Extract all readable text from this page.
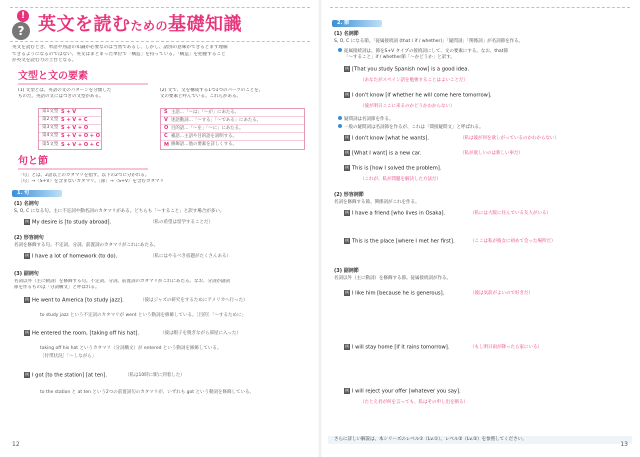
!
? 英文を読むための基礎知識
英文を読むとき、単語や熟語の知識が必要なのは当然であるし、しかし、諸別の意味ができるとまず理解
できるようになるのではない、英文はまとまった単位で「構造」を持っている。「構造」を把握すること
が英文を読む力の土台となる。
文型と文の要素
(1) 文型とは、英語の文のパターンを分類した
ものだ。英語の文にはつぎの文型がある。
(2) 文で、文を構成する1つ1つのパーツのことを、
文の要素と呼んでいる。これらがある。
第1文型 S + V
第2文型 S + V + C
第3文型 S + V + O
第4文型 S + V + O + O
第5文型 S + V + O + C
S 主語…「〜は」「〜が」にあたる。
V 述語動詞…「〜する」「〜である」にあたる。
O 目的語…「〜を」「〜に」にあたる。
C 補語…主語や目的語を説明する。
M 修飾語…他の要素を詳しくする。
句と節
「句」とは、2語以上のカタマリを指す。以下の2つに分かれる。
［句］→〈S+V〉を含まないカタマリ。［節］→〈S+V〉を含むカタマリ
1. 句
(1) 名詞句
S, O, C になる句。主に不定詞や動名詞のカタマリがある。どちらも「〜すること」と訳す場合が多い。
例 My desire is [to study abroad].	（私の希望は留学することだ）
(2) 形容詞句
名詞を修飾する句。不定詞、分詞、前置詞のカタマリがこれにあたる。
例 I have a lot of homework (to do).	（私にはやるべき宿題がたくさんある）
(3) 副詞句
名詞以外（主に動詞）を修飾する句。不定詞、分詞、前置詞のカタマリがこれにあたる。なお、分詞が副詞
節を作るものは「分詞構文」と呼ばれる。
例 He went to America [to study jazz].	（彼はジャズの研究をするためにアメリカへ行った）
to study jazz という不定詞のカタマリが went という動詞を修飾している。［目的］「〜するために」
例 He entered the room, [taking off his hat].	（彼は帽子を脱ぎながら部屋に入った）
taking off his hat というカタマリ（分詞構文）が entered という動詞を修飾している。
［付帯状況］「〜しながら」
例 I got [to the station] [at ten].	（私は10時に駅に到着した）
to the station と at ten という2つの前置詞句のカタマリが、いずれも got という動詞を修飾している。
12
2. 節
(1) 名詞節
S, O, C になる節。「従属接続詞 (that / if / whether)」「疑問詞」「関係詞」が名詞節を作る。
従属接続詞は、節をS+V タイプの接続詞にして、文の要素にする。なお、that節
「〜すること」if / whether節「〜かどうか」と訳す。
例 [That you study Spanish now] is a good idea.
（あなたがスペイン語を勉強することはよいことだ）
例 I don't know [if whether he will come here tomorrow].
（彼が明日ここに来るのかどうかわからない）
疑問詞は名詞節を作る。
一般の疑問詞は名詞節を作るが、これは「間接疑問文」と呼ばれる。
例 I don't know [what he wants].	（私は彼が何を欲しがっているのかわからない）
例 [What I want] is a new car.	（私が欲しいのは新しい車だ）
例 This is [how I solved the problem].
（これが、私が問題を解決した方法だ）
(2) 形容詞節
名詞を修飾する節。関係詞がこれを作る。
例 I have a friend [who lives in Osaka].	（私には大阪に住んでいる友人がいる）
例 This is the place [where I met her first].	（ここは私が彼女に初めて会った場所だ）
(3) 副詞節
名詞以外（主に動詞）を修飾する節。従属接続詞が作る。
例 I like him [because he is generous].	（彼は気前がよいので好きだ）
例 I will stay home [if it rains tomorrow].	（もし明日雨が降ったら家にいる）
例 I will reject your offer [whatever you say].
（たとえ君が何を言っても、私はその申し出を断る）
さらに詳しい解説は、本シリーズのレベル①（Lv.①）、レベル②（Lv.②）を参照してください。
13
